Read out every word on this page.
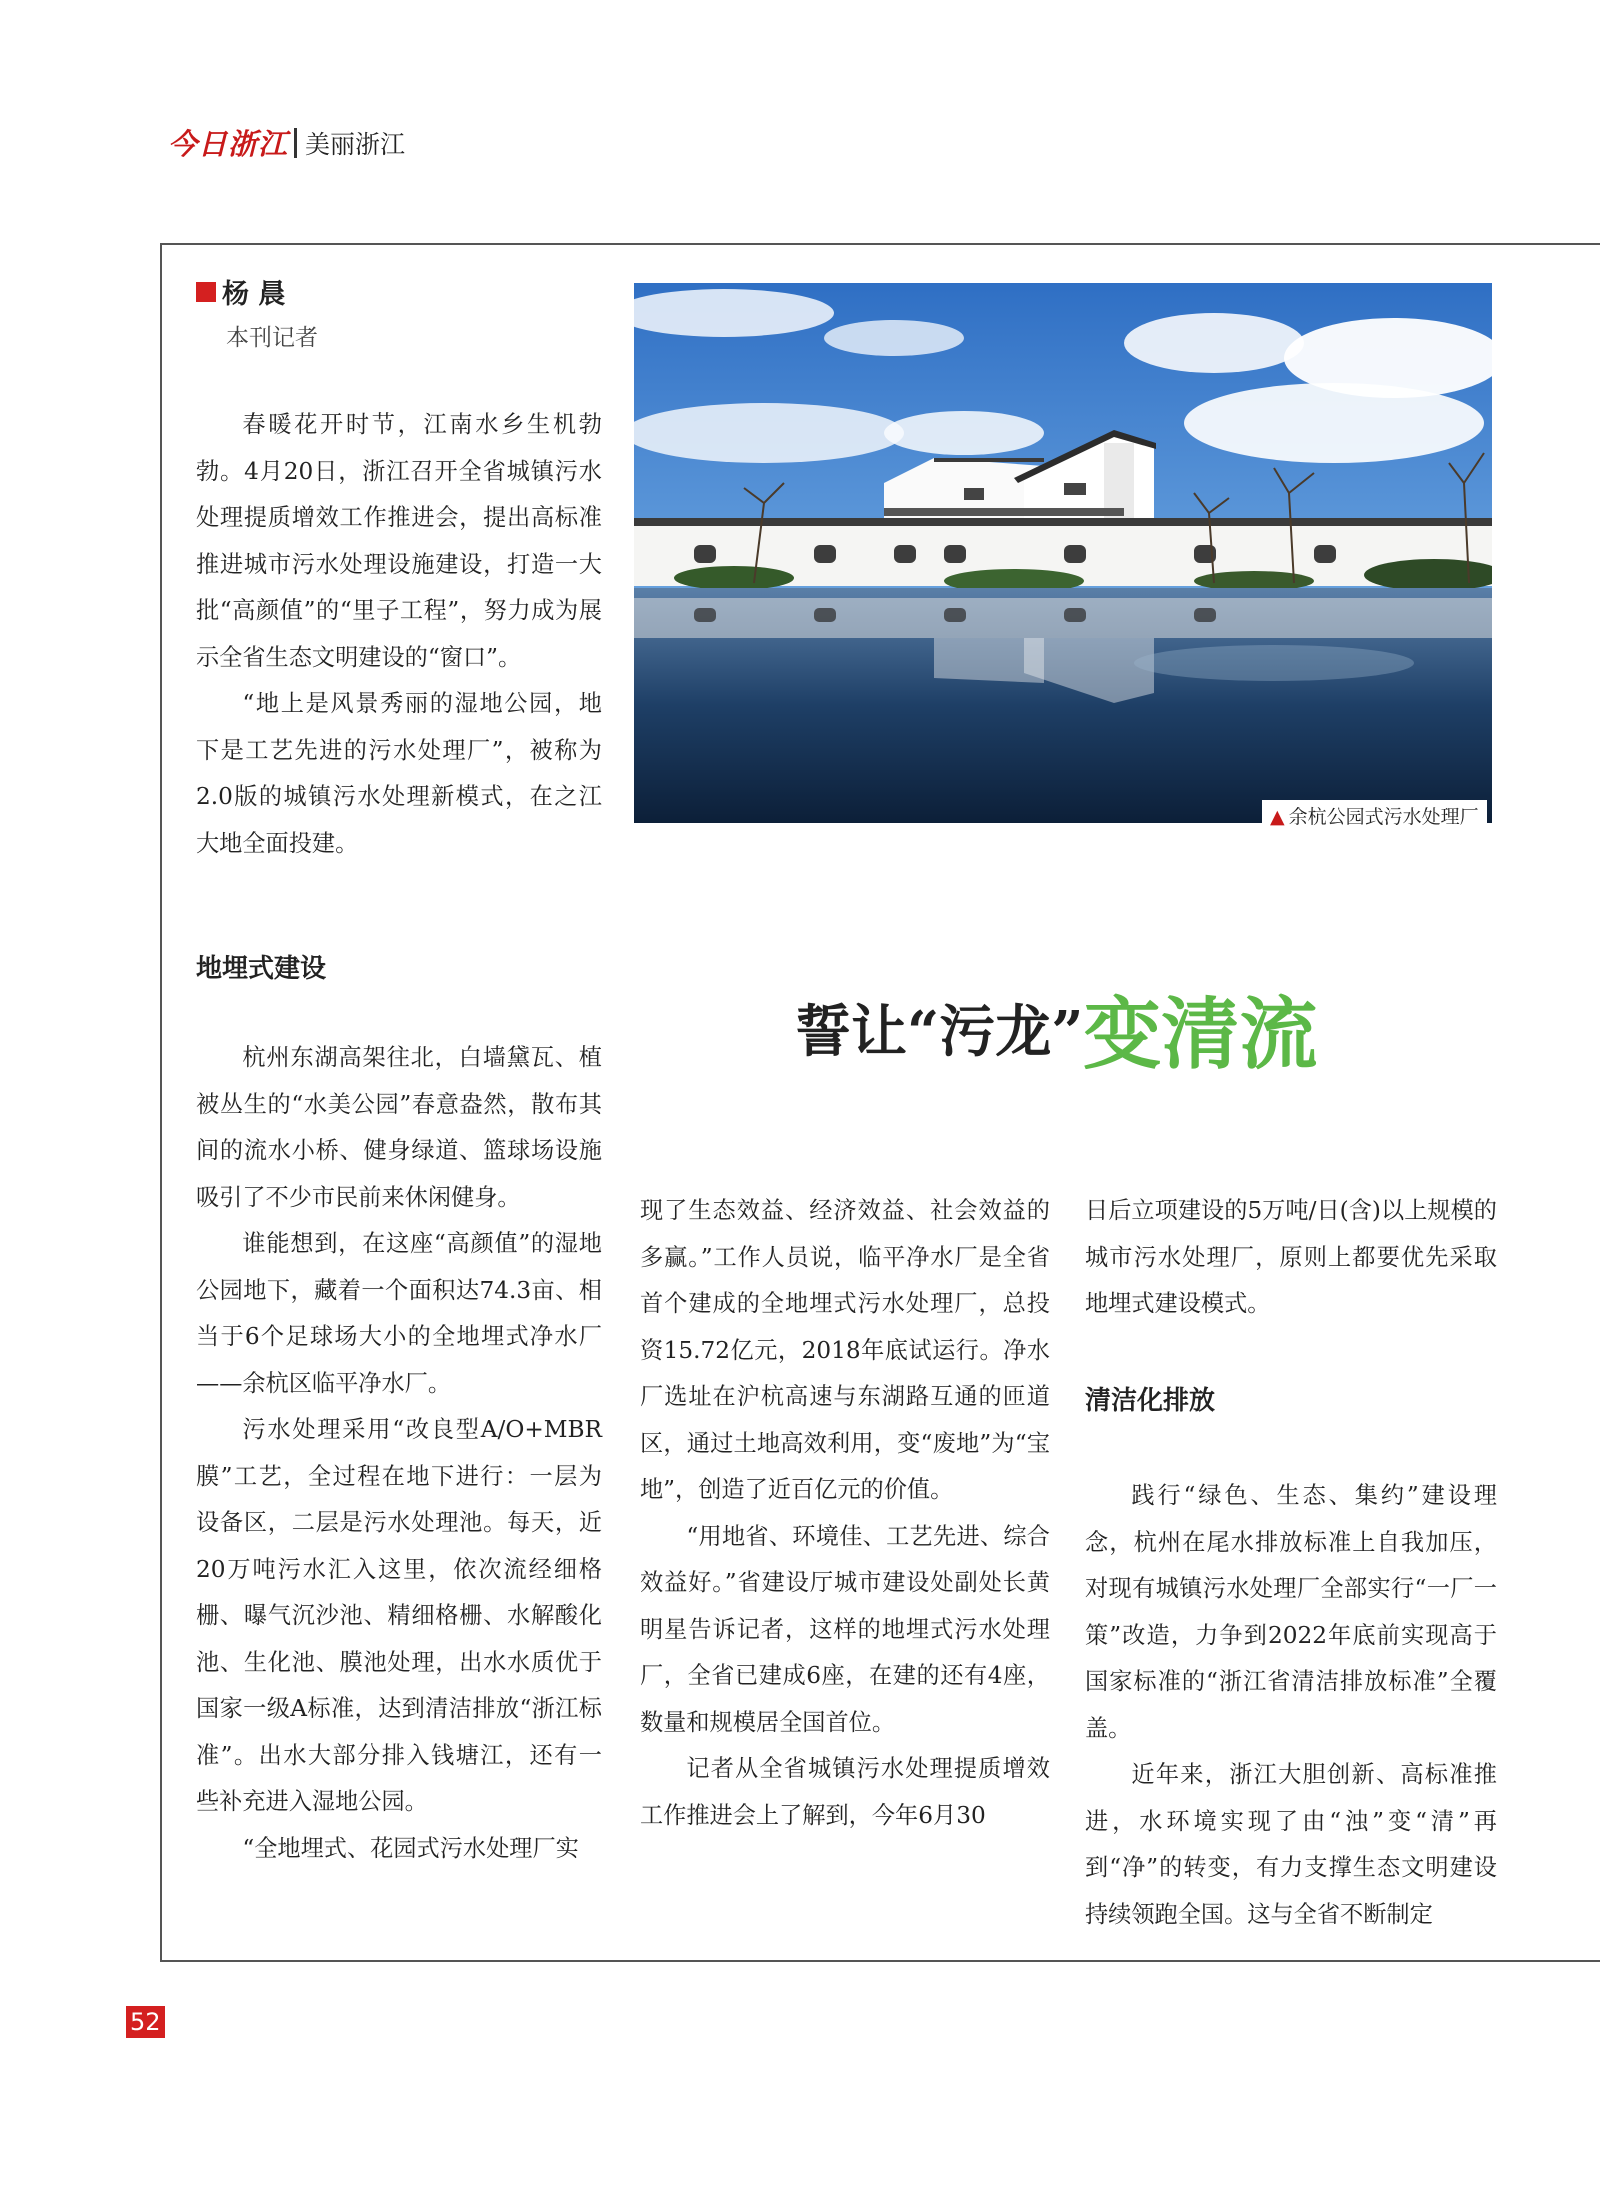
今日浙江 美丽浙江
杨 晨
本刊记者

春暖花开时节，江南水乡生机勃勃。4月20日，浙江召开全省城镇污水处理提质增效工作推进会，提出高标准推进城市污水处理设施建设，打造一大批“高颜值”的“里子工程”，努力成为展示全省生态文明建设的“窗口”。

“地上是风景秀丽的湿地公园，地下是工艺先进的污水处理厂”，被称为2.0版的城镇污水处理新模式，在之江大地全面投建。

地埋式建设

杭州东湖高架往北，白墙黛瓦、植被丛生的“水美公园”春意盎然，散布其间的流水小桥、健身绿道、篮球场设施吸引了不少市民前来休闲健身。

谁能想到，在这座“高颜值”的湿地公园地下，藏着一个面积达74.3亩、相当于6个足球场大小的全地埋式净水厂——余杭区临平净水厂。

污水处理采用“改良型A/O+MBR膜”工艺，全过程在地下进行：一层为设备区，二层是污水处理池。每天，近20万吨污水汇入这里，依次流经细格栅、曝气沉沙池、精细格栅、水解酸化池、生化池、膜池处理，出水水质优于国家一级A标准，达到清洁排放“浙江标准”。出水大部分排入钱塘江，还有一些补充进入湿地公园。

“全地埋式、花园式污水处理厂实

▲ 余杭公园式污水处理厂
誓让“污龙”变清流

现了生态效益、经济效益、社会效益的多赢。”工作人员说，临平净水厂是全省首个建成的全地埋式污水处理厂，总投资15.72亿元，2018年底试运行。净水厂选址在沪杭高速与东湖路互通的匝道区，通过土地高效利用，变“废地”为“宝地”，创造了近百亿元的价值。

“用地省、环境佳、工艺先进、综合效益好。”省建设厅城市建设处副处长黄明星告诉记者，这样的地埋式污水处理厂，全省已建成6座，在建的还有4座，数量和规模居全国首位。

记者从全省城镇污水处理提质增效工作推进会上了解到，今年6月30

日后立项建设的5万吨/日(含)以上规模的城市污水处理厂，原则上都要优先采取地埋式建设模式。

清洁化排放

践行“绿色、生态、集约”建设理念，杭州在尾水排放标准上自我加压，对现有城镇污水处理厂全部实行“一厂一策”改造，力争到2022年底前实现高于国家标准的“浙江省清洁排放标准”全覆盖。

近年来，浙江大胆创新、高标准推进，水环境实现了由“浊”变“清”再到“净”的转变，有力支撑生态文明建设持续领跑全国。这与全省不断制定

52
